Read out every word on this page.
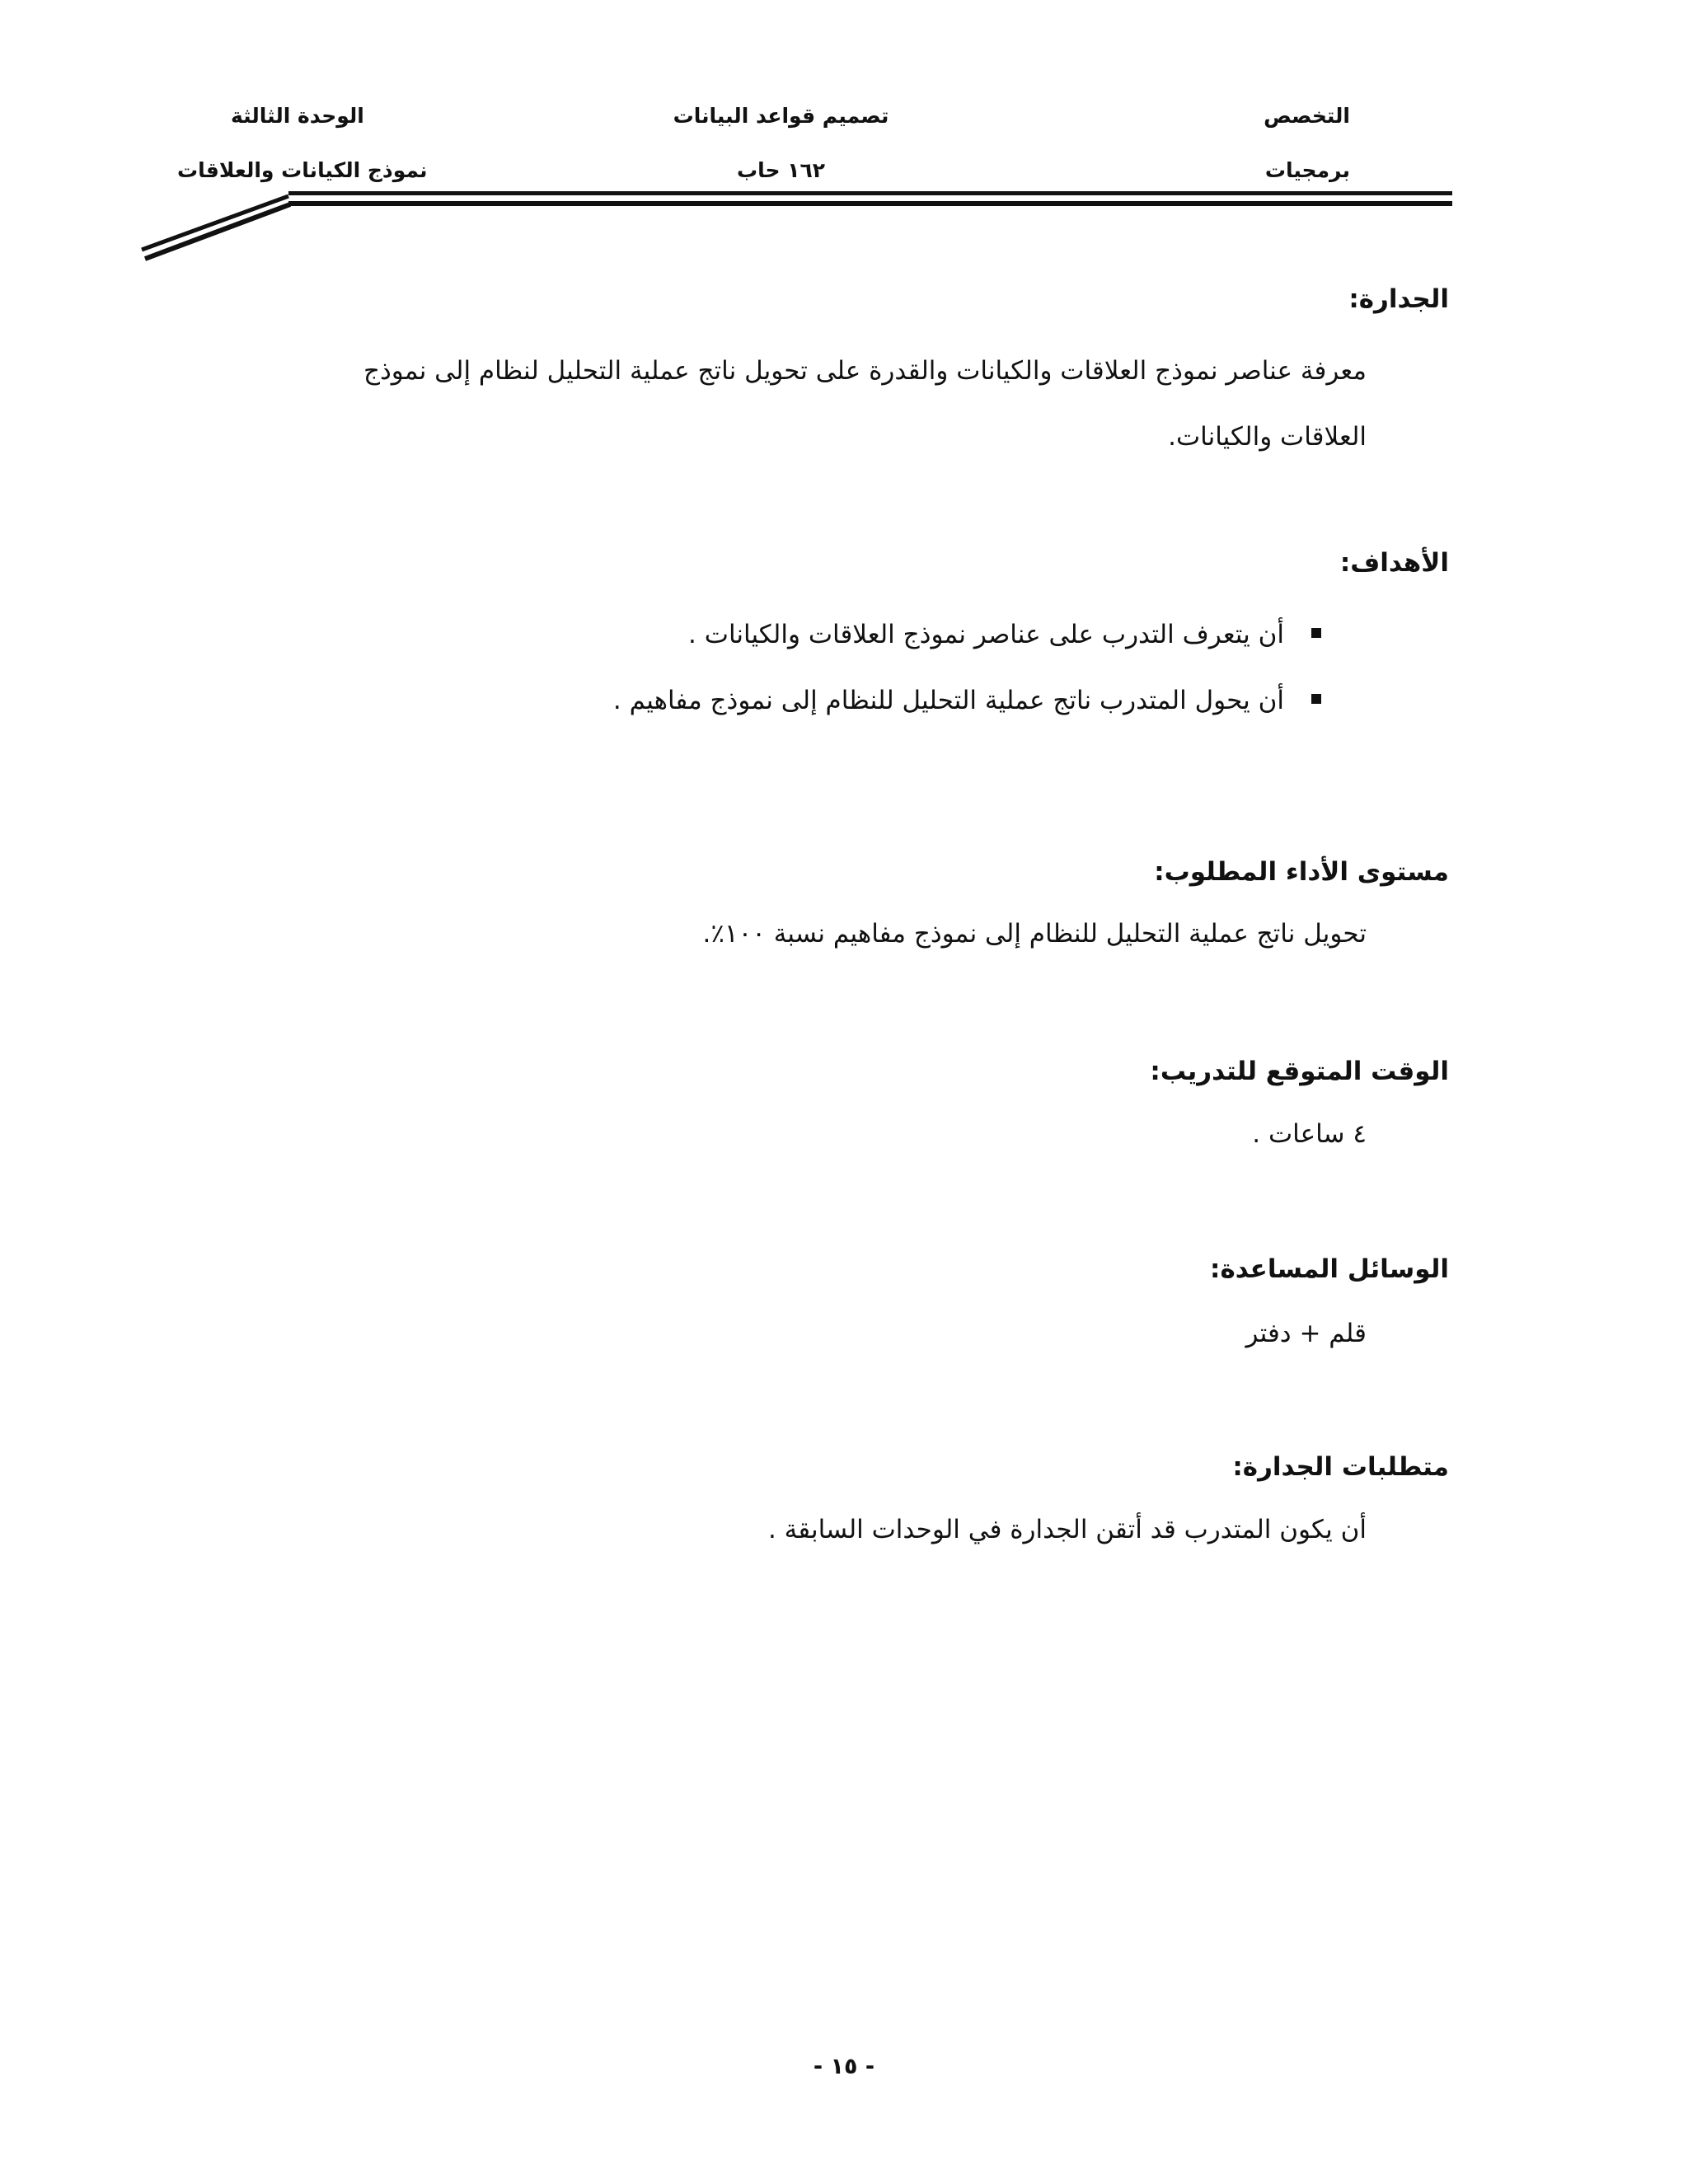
التخصص
برمجيات
تصميم قواعد البيانات
١٦٢ حاب
الوحدة الثالثة
نموذج الكيانات والعلاقات
الجدارة:
معرفة عناصر نموذج العلاقات والكيانات والقدرة على تحويل ناتج عملية التحليل لنظام إلى نموذج
العلاقات والكيانات.
الأهداف:
أن يتعرف التدرب على عناصر نموذج العلاقات والكيانات .
أن يحول المتدرب ناتج عملية التحليل للنظام إلى نموذج مفاهيم .
مستوى الأداء المطلوب:
تحويل ناتج عملية التحليل للنظام إلى نموذج مفاهيم نسبة ١٠٠٪.
الوقت المتوقع للتدريب:
٤ ساعات .
الوسائل المساعدة:
قلم + دفتر
متطلبات الجدارة:
أن يكون المتدرب قد أتقن الجدارة في الوحدات السابقة .
- ١٥ -
